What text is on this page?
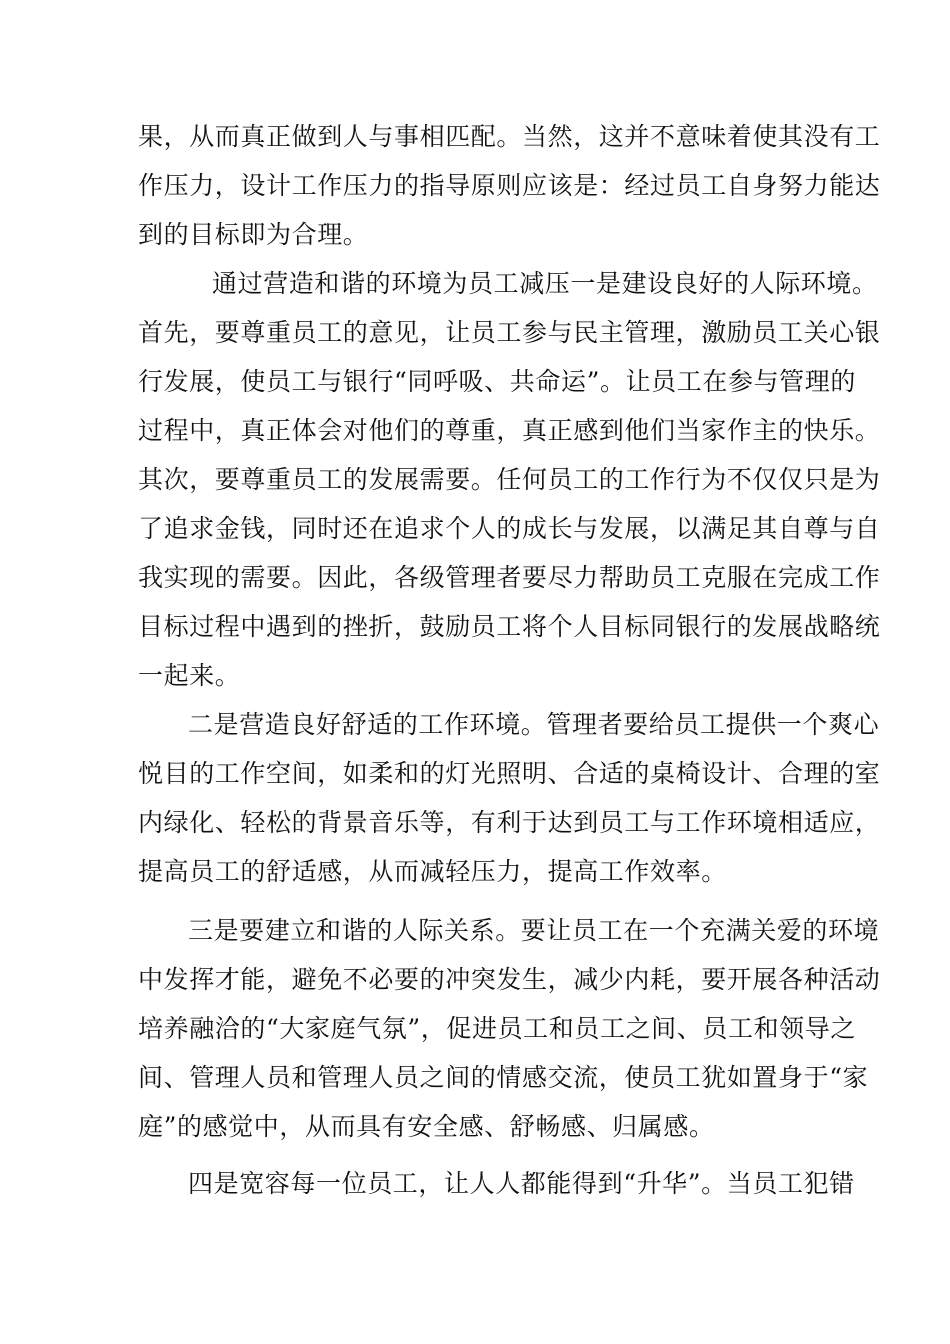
果，从而真正做到人与事相匹配。当然，这并不意味着使其没有工
作压力，设计工作压力的指导原则应该是：经过员工自身努力能达
到的目标即为合理。
通过营造和谐的环境为员工减压一是建设良好的人际环境。
首先，要尊重员工的意见，让员工参与民主管理，激励员工关心银
行发展，使员工与银行“同呼吸、共命运”。让员工在参与管理的
过程中，真正体会对他们的尊重，真正感到他们当家作主的快乐。
其次，要尊重员工的发展需要。任何员工的工作行为不仅仅只是为
了追求金钱，同时还在追求个人的成长与发展，以满足其自尊与自
我实现的需要。因此，各级管理者要尽力帮助员工克服在完成工作
目标过程中遇到的挫折，鼓励员工将个人目标同银行的发展战略统
一起来。
二是营造良好舒适的工作环境。管理者要给员工提供一个爽心
悦目的工作空间，如柔和的灯光照明、合适的桌椅设计、合理的室
内绿化、轻松的背景音乐等，有利于达到员工与工作环境相适应，
提高员工的舒适感，从而减轻压力，提高工作效率。
三是要建立和谐的人际关系。要让员工在一个充满关爱的环境
中发挥才能，避免不必要的冲突发生，减少内耗，要开展各种活动
培养融洽的“大家庭气氛”，促进员工和员工之间、员工和领导之
间、管理人员和管理人员之间的情感交流，使员工犹如置身于“家
庭”的感觉中，从而具有安全感、舒畅感、归属感。
四是宽容每一位员工，让人人都能得到“升华”。当员工犯错
